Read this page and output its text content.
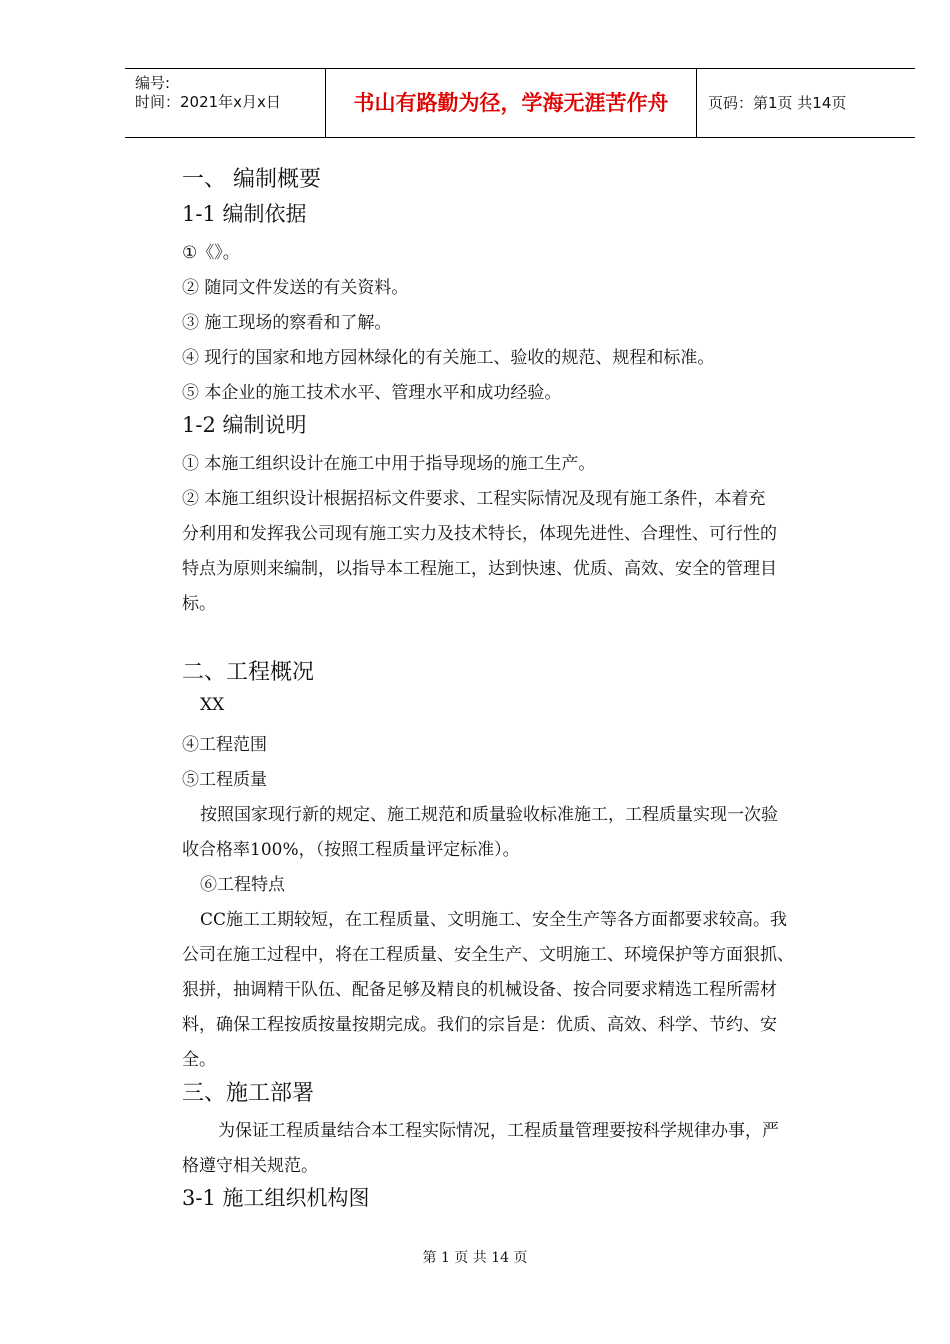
编号:
时间：2021年x月x日	书山有路勤为径，学海无涯苦作舟	页码：第1页 共14页
一、 编制概要
1-1 编制依据
①《》。
② 随同文件发送的有关资料。
③ 施工现场的察看和了解。
④ 现行的国家和地方园林绿化的有关施工、验收的规范、规程和标准。
⑤ 本企业的施工技术水平、管理水平和成功经验。
1-2 编制说明
① 本施工组织设计在施工中用于指导现场的施工生产。
② 本施工组织设计根据招标文件要求、工程实际情况及现有施工条件，本着充
分利用和发挥我公司现有施工实力及技术特长，体现先进性、合理性、可行性的
特点为原则来编制，以指导本工程施工，达到快速、优质、高效、安全的管理目
标。
二、工程概况
XX
④工程范围
⑤工程质量
按照国家现行新的规定、施工规范和质量验收标准施工，工程质量实现一次验
收合格率100%，（按照工程质量评定标准）。
⑥工程特点
CC施工工期较短，在工程质量、文明施工、安全生产等各方面都要求较高。我
公司在施工过程中，将在工程质量、安全生产、文明施工、环境保护等方面狠抓、
狠拼，抽调精干队伍、配备足够及精良的机械设备、按合同要求精选工程所需材
料，确保工程按质按量按期完成。我们的宗旨是：优质、高效、科学、节约、安
全。
三、施工部署
为保证工程质量结合本工程实际情况，工程质量管理要按科学规律办事，严
格遵守相关规范。
3-1 施工组织机构图
第 1 页 共 14 页
